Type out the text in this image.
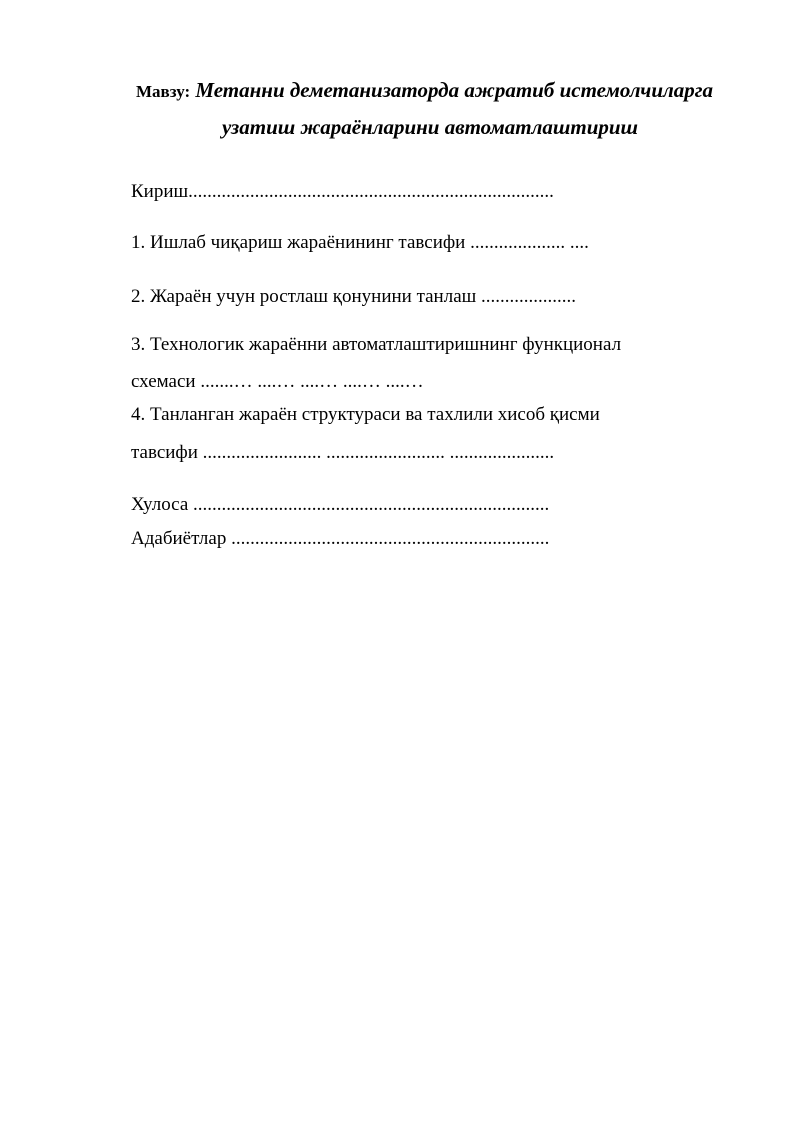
Мавзу: Метанни деметанизаторда ажратиб истемолчиларга
узатиш жараёнларини автоматлаштириш
Кириш.............................................................................
1. Ишлаб чиқариш жараёнининг тавсифи .................... ....
2. Жараён учун ростлаш қонунини танлаш ....................
3. Технологик жараённи автоматлаштиришнинг функционал
схемаси .......… ....… ....… ....… ....…
4. Танланган жараён структураси ва тахлили хисоб қисми
тавсифи ......................... ......................... ......................
Хулоса ...........................................................................
Адабиётлар ...................................................................
